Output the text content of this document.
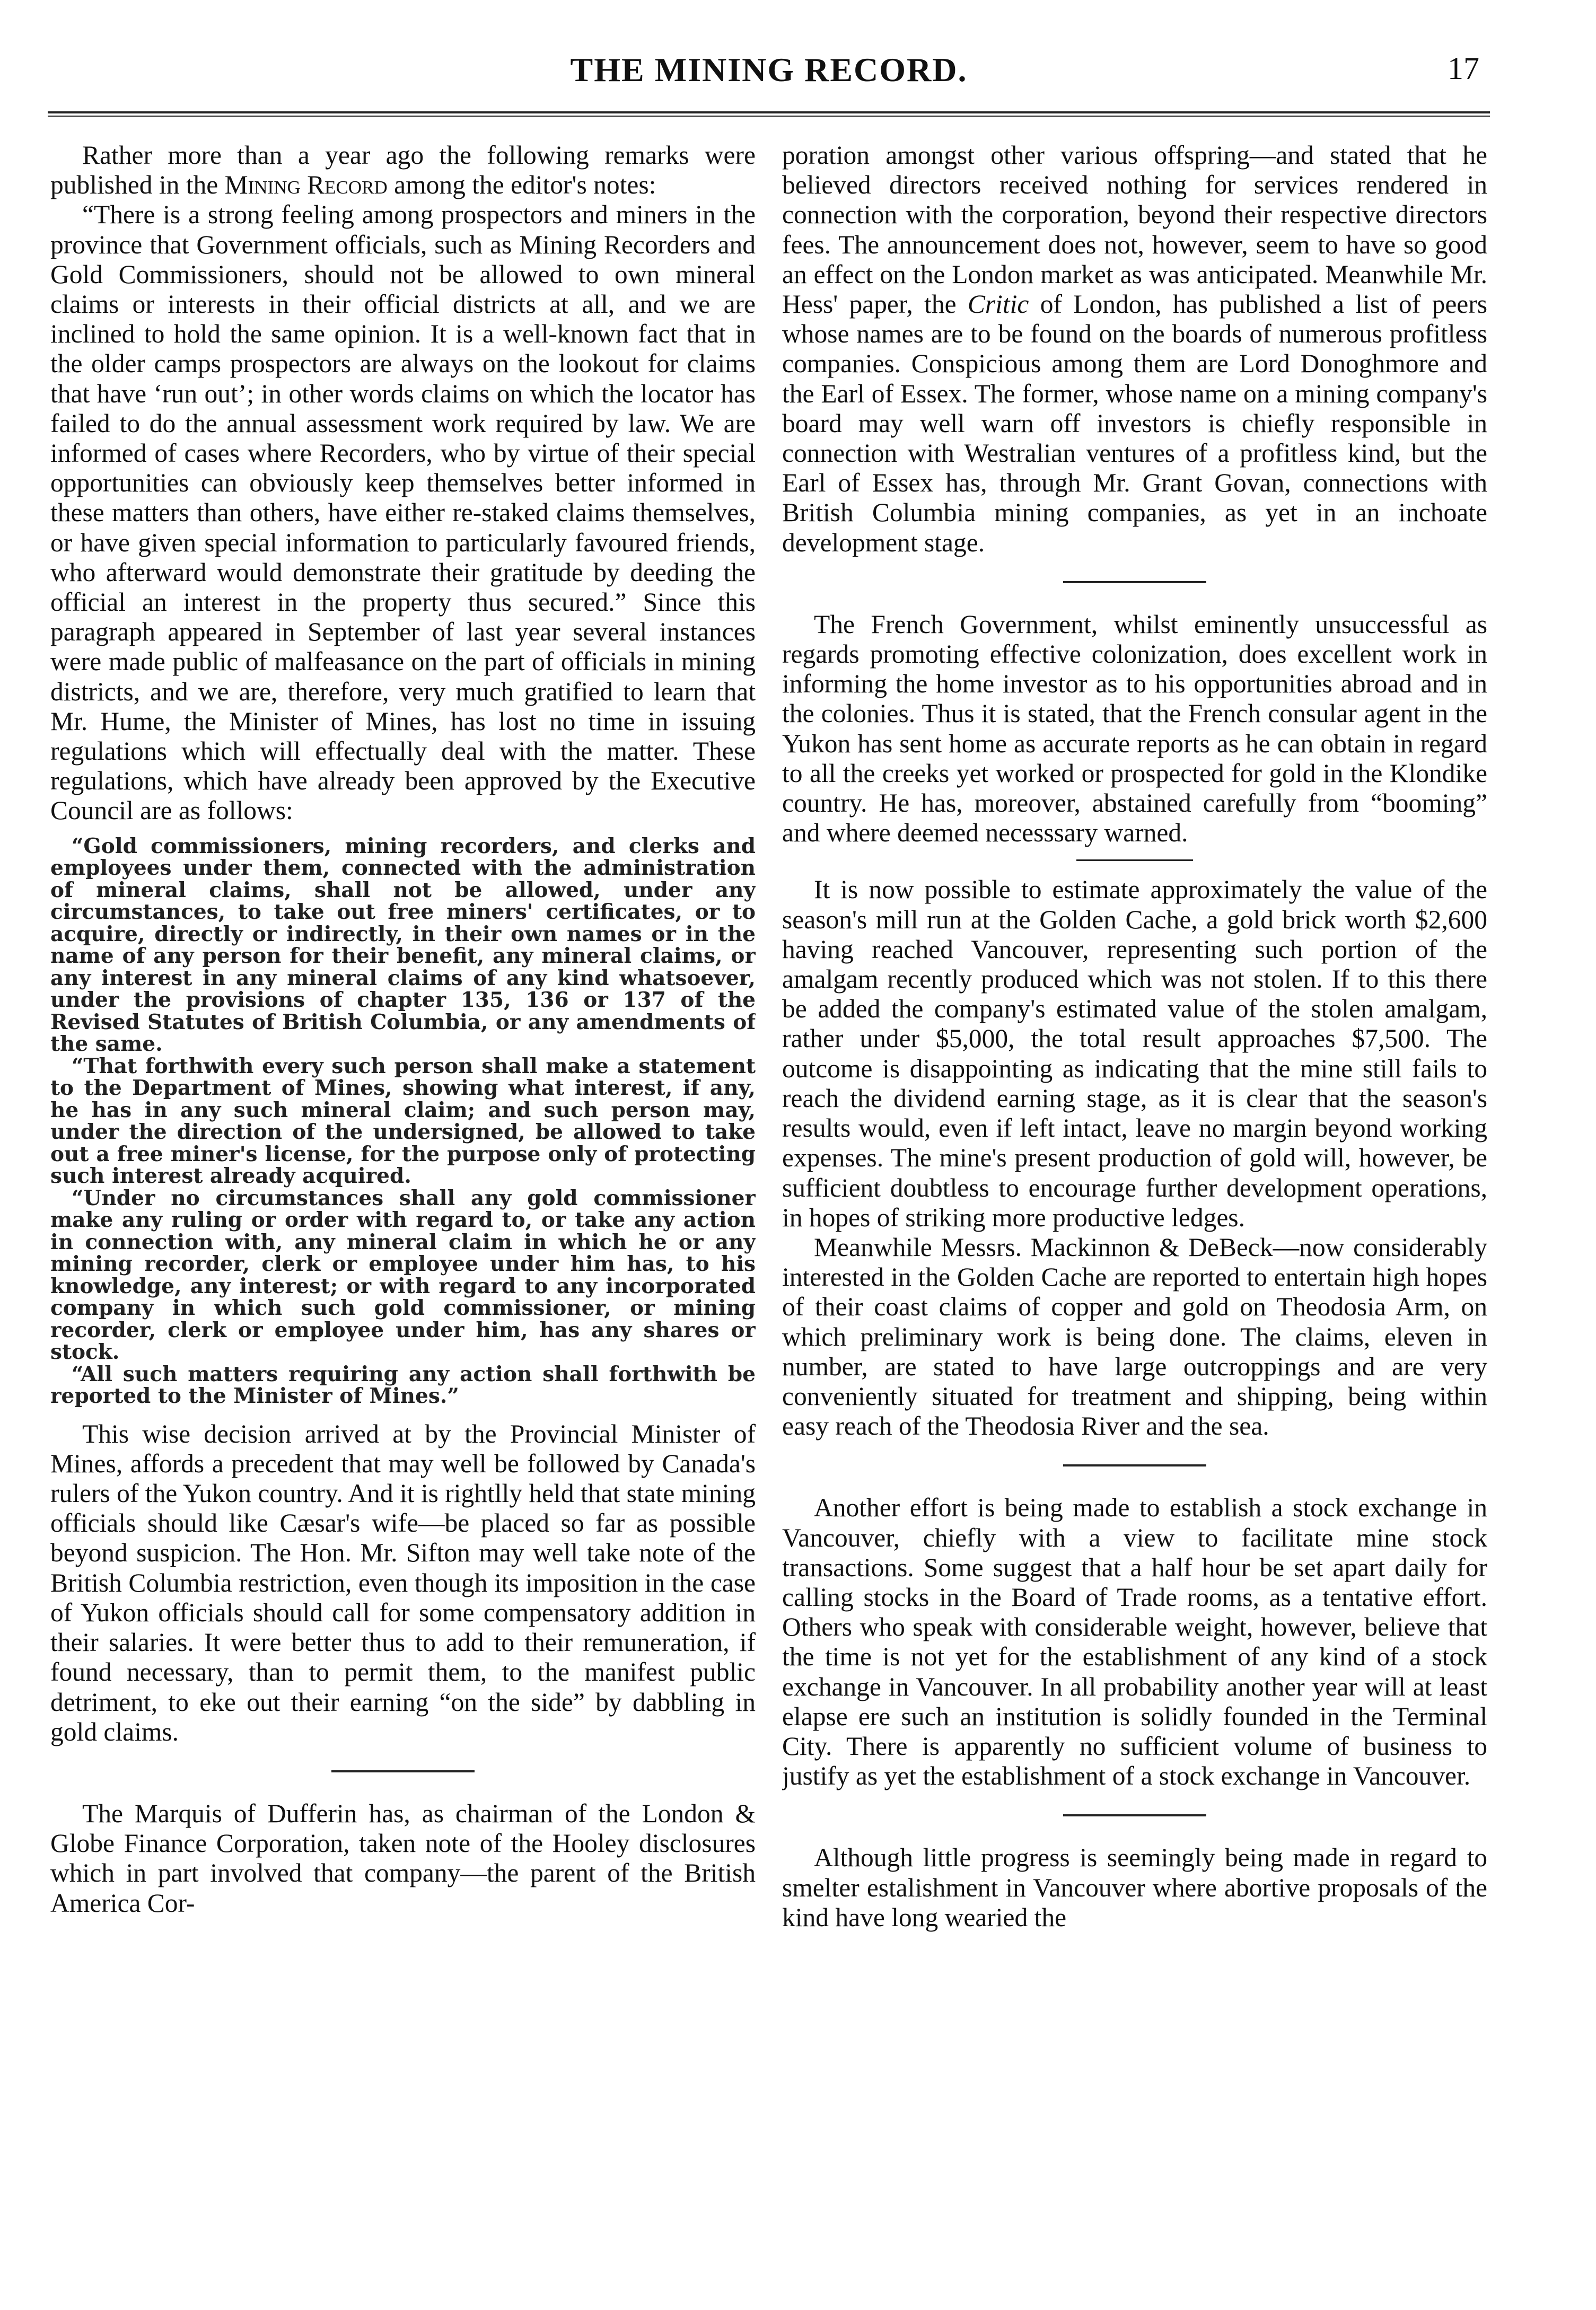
THE MINING RECORD.	17

Rather more than a year ago the following remarks were published in the Mining Record among the editor's notes:

“There is a strong feeling among prospectors and miners in the province that Government officials, such as Mining Recorders and Gold Commissioners, should not be allowed to own mineral claims or interests in their official districts at all, and we are inclined to hold the same opinion. It is a well-known fact that in the older camps prospectors are always on the lookout for claims that have ‘run out’; in other words claims on which the locator has failed to do the annual assessment work required by law. We are informed of cases where Recorders, who by virtue of their special opportunities can obviously keep themselves better informed in these matters than others, have either re-staked claims themselves, or have given special information to particularly favoured friends, who afterward would demonstrate their gratitude by deeding the official an interest in the property thus secured.” Since this paragraph appeared in September of last year several instances were made public of malfeasance on the part of officials in mining districts, and we are, therefore, very much gratified to learn that Mr. Hume, the Minister of Mines, has lost no time in issuing regulations which will effectually deal with the matter. These regulations, which have already been approved by the Executive Council are as follows:

“Gold commissioners, mining recorders, and clerks and employees under them, connected with the administration of mineral claims, shall not be allowed, under any circumstances, to take out free miners' certificates, or to acquire, directly or indirectly, in their own names or in the name of any person for their benefit, any mineral claims, or any interest in any mineral claims of any kind whatsoever, under the provisions of chapter 135, 136 or 137 of the Revised Statutes of British Columbia, or any amendments of the same.

“That forthwith every such person shall make a statement to the Department of Mines, showing what interest, if any, he has in any such mineral claim; and such person may, under the direction of the undersigned, be allowed to take out a free miner's license, for the purpose only of protecting such interest already acquired.

“Under no circumstances shall any gold commissioner make any ruling or order with regard to, or take any action in connection with, any mineral claim in which he or any mining recorder, clerk or employee under him has, to his knowledge, any interest; or with regard to any incorporated company in which such gold commissioner, or mining recorder, clerk or employee under him, has any shares or stock.

“All such matters requiring any action shall forthwith be reported to the Minister of Mines.”

This wise decision arrived at by the Provincial Minister of Mines, affords a precedent that may well be followed by Canada's rulers of the Yukon country. And it is rightlly held that state mining officials should like Cæsar's wife—be placed so far as possible beyond suspicion. The Hon. Mr. Sifton may well take note of the British Columbia restriction, even though its imposition in the case of Yukon officials should call for some compensatory addition in their salaries. It were better thus to add to their remuneration, if found necessary, than to permit them, to the manifest public detriment, to eke out their earning “on the side” by dabbling in gold claims.

The Marquis of Dufferin has, as chairman of the London & Globe Finance Corporation, taken note of the Hooley disclosures which in part involved that company—the parent of the British America Cor-

poration amongst other various offspring—and stated that he believed directors received nothing for services rendered in connection with the corporation, beyond their respective directors fees. The announcement does not, however, seem to have so good an effect on the London market as was anticipated. Meanwhile Mr. Hess' paper, the Critic of London, has published a list of peers whose names are to be found on the boards of numerous profitless companies. Conspicious among them are Lord Donoghmore and the Earl of Essex. The former, whose name on a mining company's board may well warn off investors is chiefly responsible in connection with Westralian ventures of a profitless kind, but the Earl of Essex has, through Mr. Grant Govan, connections with British Columbia mining companies, as yet in an inchoate development stage.

The French Government, whilst eminently unsuccessful as regards promoting effective colonization, does excellent work in informing the home investor as to his opportunities abroad and in the colonies. Thus it is stated, that the French consular agent in the Yukon has sent home as accurate reports as he can obtain in regard to all the creeks yet worked or prospected for gold in the Klondike country. He has, moreover, abstained carefully from “booming” and where deemed necesssary warned.

It is now possible to estimate approximately the value of the season's mill run at the Golden Cache, a gold brick worth $2,600 having reached Vancouver, representing such portion of the amalgam recently produced which was not stolen. If to this there be added the company's estimated value of the stolen amalgam, rather under $5,000, the total result approaches $7,500. The outcome is disappointing as indicating that the mine still fails to reach the dividend earning stage, as it is clear that the season's results would, even if left intact, leave no margin beyond working expenses. The mine's present production of gold will, however, be sufficient doubtless to encourage further development operations, in hopes of striking more productive ledges.

Meanwhile Messrs. Mackinnon & DeBeck—now considerably interested in the Golden Cache are reported to entertain high hopes of their coast claims of copper and gold on Theodosia Arm, on which preliminary work is being done. The claims, eleven in number, are stated to have large outcroppings and are very conveniently situated for treatment and shipping, being within easy reach of the Theodosia River and the sea.

Another effort is being made to establish a stock exchange in Vancouver, chiefly with a view to facilitate mine stock transactions. Some suggest that a half hour be set apart daily for calling stocks in the Board of Trade rooms, as a tentative effort. Others who speak with considerable weight, however, believe that the time is not yet for the establishment of any kind of a stock exchange in Vancouver. In all probability another year will at least elapse ere such an institution is solidly founded in the Terminal City. There is apparently no sufficient volume of business to justify as yet the establishment of a stock exchange in Vancouver.

Although little progress is seemingly being made in regard to smelter estalishment in Vancouver where abortive proposals of the kind have long wearied the
